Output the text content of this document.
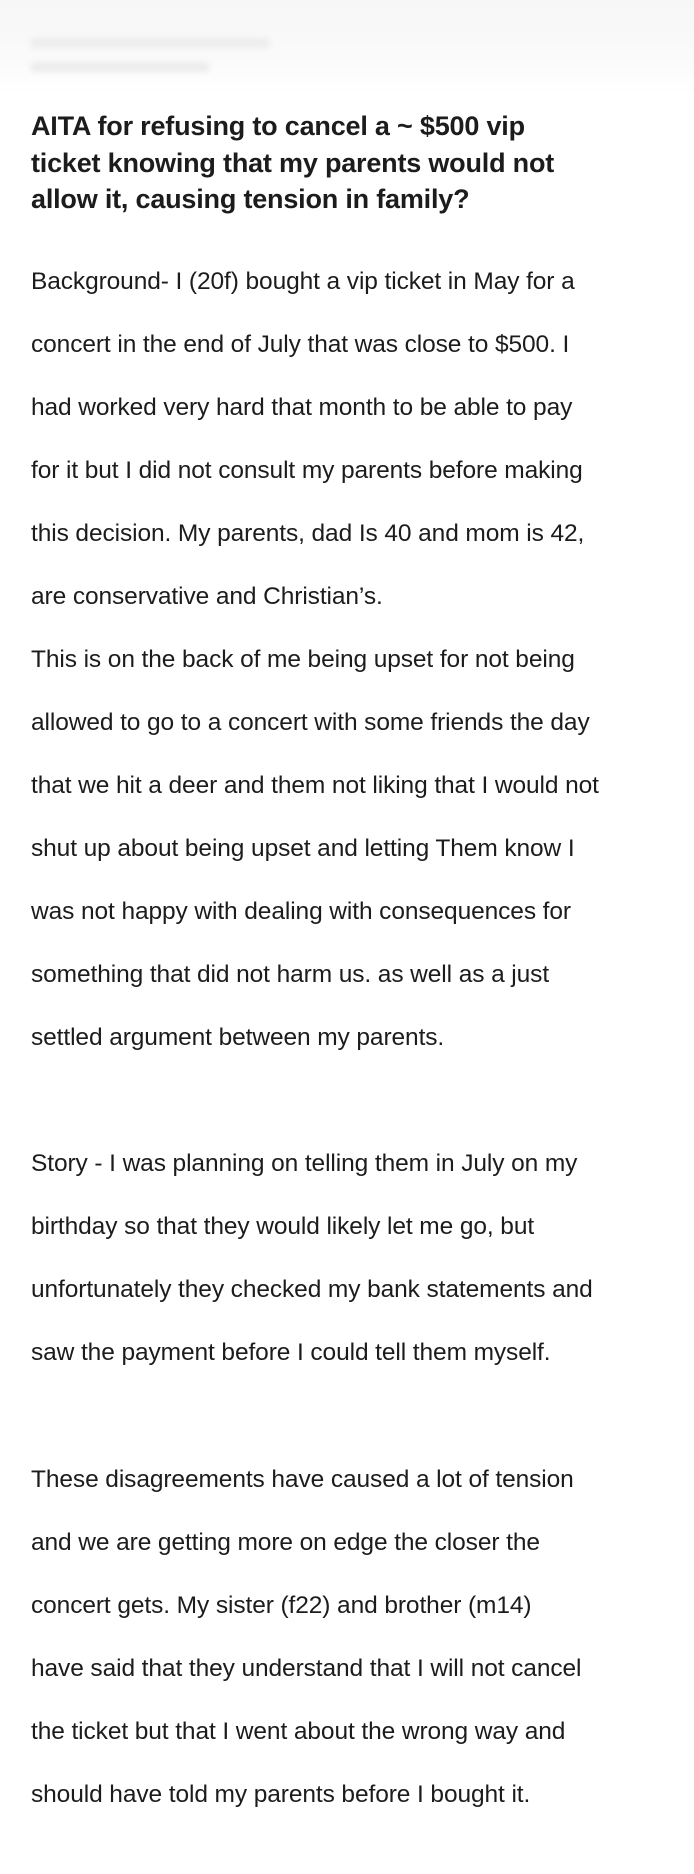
AITA for refusing to cancel a ~ $500 vip
ticket knowing that my parents would not
allow it, causing tension in family?

Background- I (20f) bought a vip ticket in May for a

concert in the end of July that was close to $500. I

had worked very hard that month to be able to pay

for it but I did not consult my parents before making

this decision. My parents, dad Is 40 and mom is 42,

are conservative and Christian’s.

This is on the back of me being upset for not being

allowed to go to a concert with some friends the day

that we hit a deer and them not liking that I would not

shut up about being upset and letting Them know I

was not happy with dealing with consequences for

something that did not harm us. as well as a just

settled argument between my parents.

Story - I was planning on telling them in July on my

birthday so that they would likely let me go, but

unfortunately they checked my bank statements and

saw the payment before I could tell them myself.

These disagreements have caused a lot of tension

and we are getting more on edge the closer the

concert gets. My sister (f22) and brother (m14)

have said that they understand that I will not cancel

the ticket but that I went about the wrong way and

should have told my parents before I bought it.
